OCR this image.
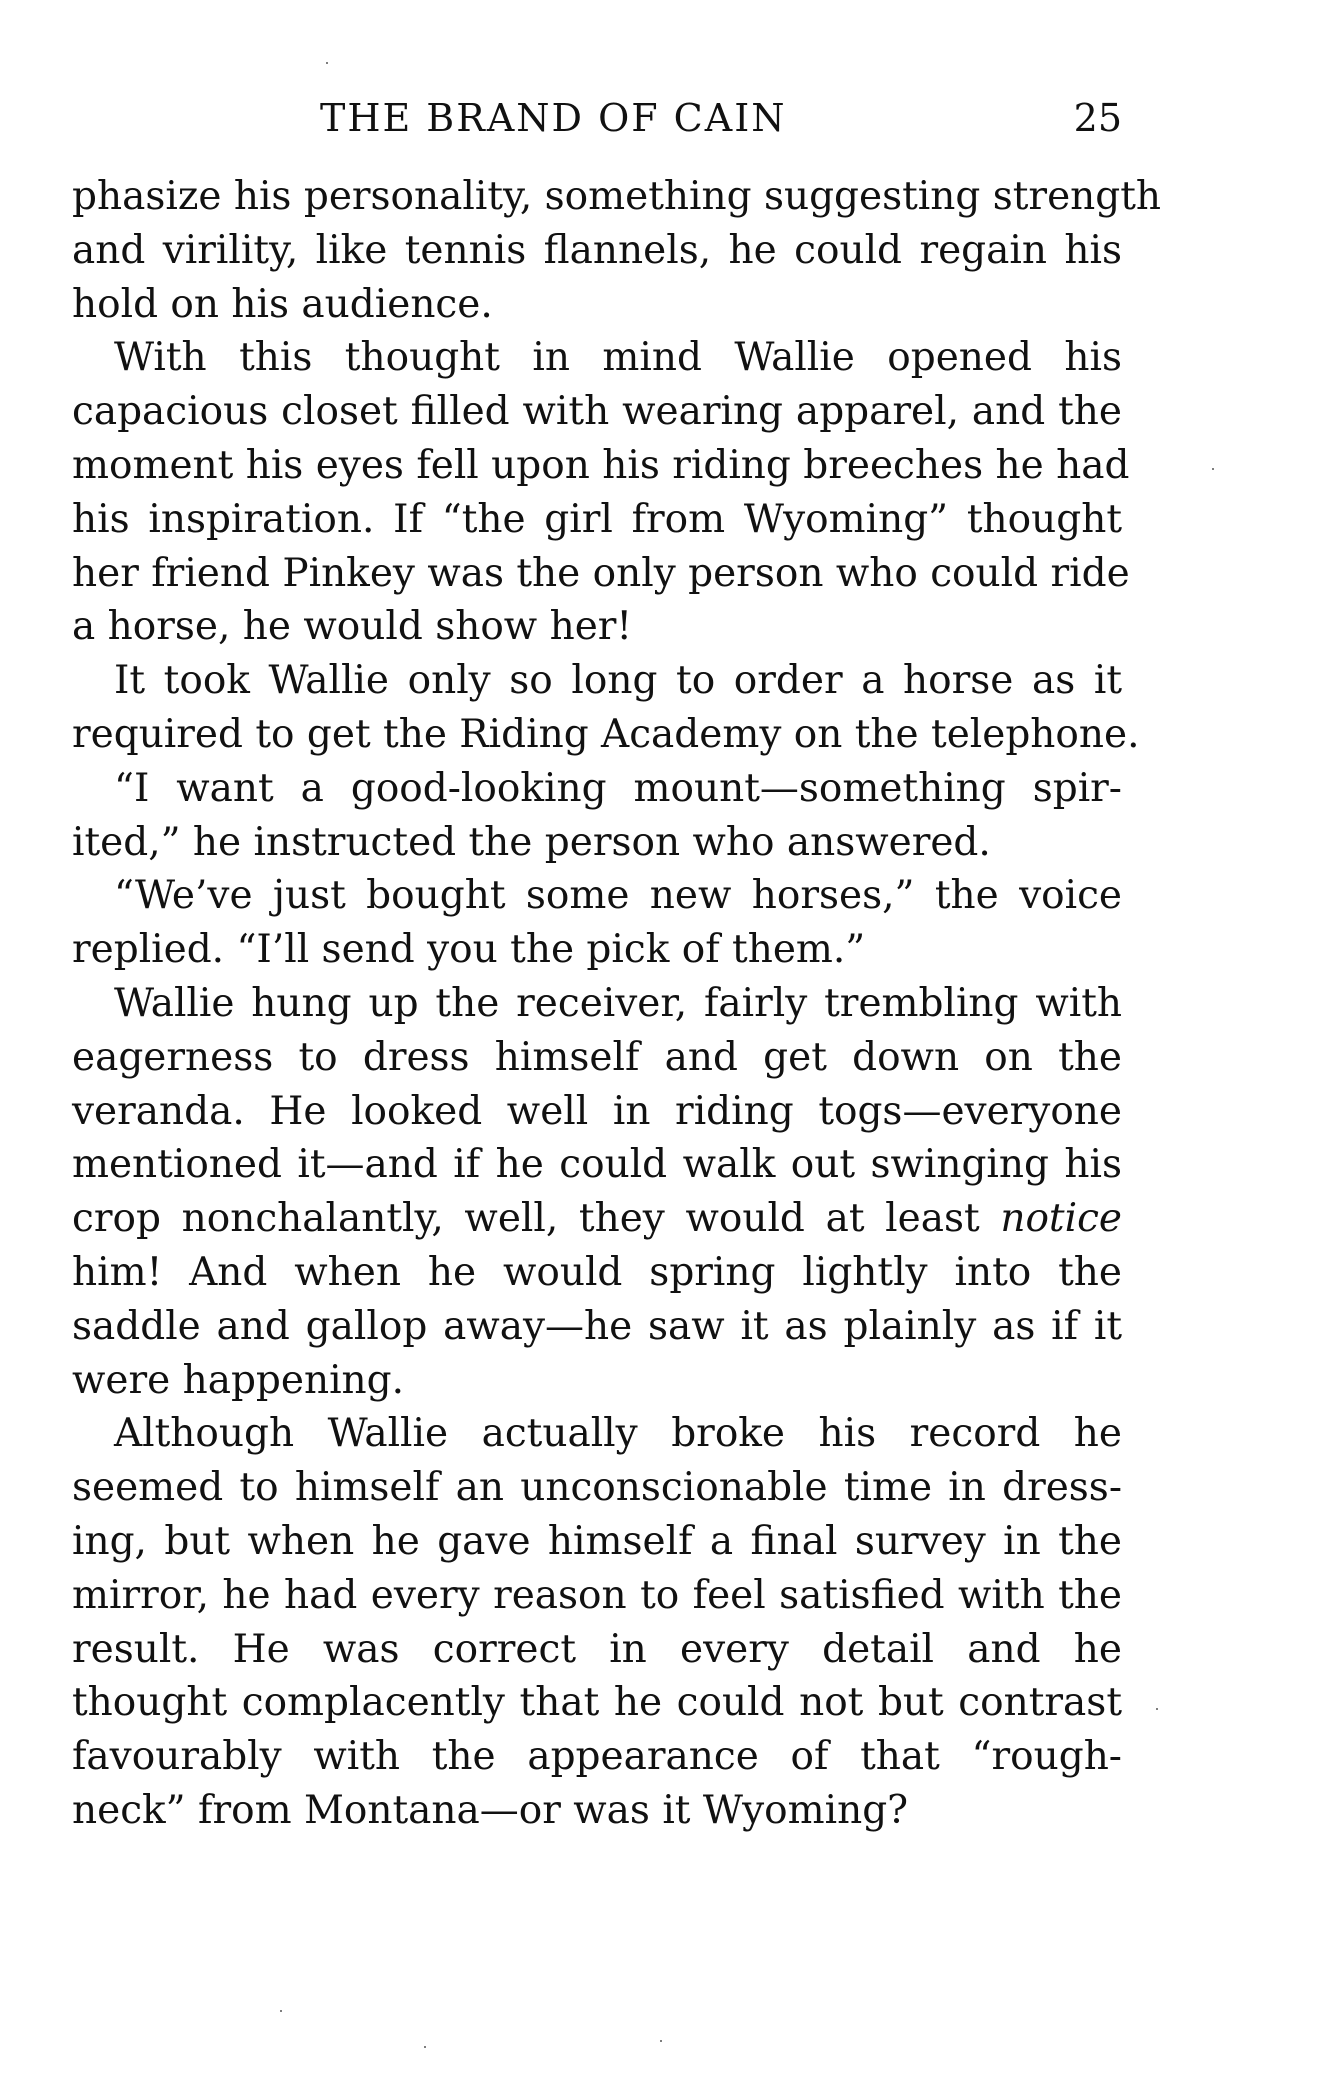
THE BRAND OF CAIN	25
phasize his personality, something suggesting strength
and virility, like tennis flannels, he could regain his
hold on his audience.
With this thought in mind Wallie opened his
capacious closet filled with wearing apparel, and the
moment his eyes fell upon his riding breeches he had
his inspiration. If “the girl from Wyoming” thought
her friend Pinkey was the only person who could ride
a horse, he would show her!
It took Wallie only so long to order a horse as it
required to get the Riding Academy on the telephone.
“I want a good-looking mount—something spir-
ited,” he instructed the person who answered.
“We’ve just bought some new horses,” the voice
replied. “I’ll send you the pick of them.”
Wallie hung up the receiver, fairly trembling with
eagerness to dress himself and get down on the
veranda. He looked well in riding togs—everyone
mentioned it—and if he could walk out swinging his
crop nonchalantly, well, they would at least notice
him! And when he would spring lightly into the
saddle and gallop away—he saw it as plainly as if it
were happening.
Although Wallie actually broke his record he
seemed to himself an unconscionable time in dress-
ing, but when he gave himself a final survey in the
mirror, he had every reason to feel satisfied with the
result. He was correct in every detail and he
thought complacently that he could not but contrast
favourably with the appearance of that “rough-
neck” from Montana—or was it Wyoming?
